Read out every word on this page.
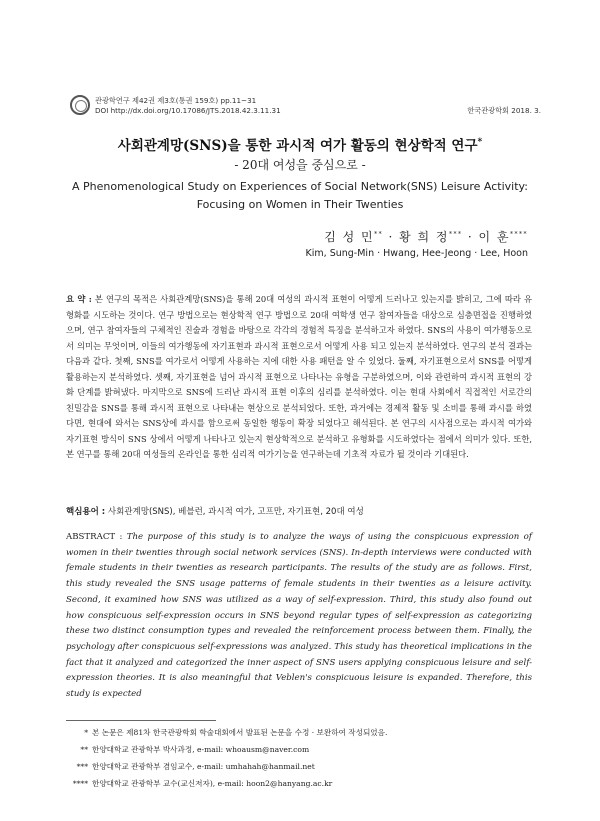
관광학연구 제42권 제3호(통권 159호) pp.11~31
DOI http://dx.doi.org/10.17086/JTS.2018.42.3.11.31	한국관광학회 2018. 3.
사회관계망(SNS)을 통한 과시적 여가 활동의 현상학적 연구*
- 20대 여성을 중심으로 -
A Phenomenological Study on Experiences of Social Network(SNS) Leisure Activity:
Focusing on Women in Their Twenties
김 성 민** · 황 희 정*** · 이 훈****
Kim, Sung-Min · Hwang, Hee-Jeong · Lee, Hoon
요 약 : 본 연구의 목적은 사회관계망(SNS)을 통해 20대 여성의 과시적 표현이 어떻게 드러나고 있는지를 밝히고, 그에 따라 유형화를 시도하는 것이다. 연구 방법으로는 현상학적 연구 방법으로 20대 여학생 연구 참여자들을 대상으로 심층면접을 진행하였으며, 연구 참여자들의 구체적인 진술과 경험을 바탕으로 각각의 경험적 특징을 분석하고자 하였다. SNS의 사용이 여가행동으로서 의미는 무엇이며, 이들의 여가행동에 자기표현과 과시적 표현으로서 어떻게 사용 되고 있는지 분석하였다. 연구의 분석 결과는 다음과 같다. 첫째, SNS를 여가로서 어떻게 사용하는 지에 대한 사용 패턴을 알 수 있었다. 둘째, 자기표현으로서 SNS를 어떻게 활용하는지 분석하였다. 셋째, 자기표현을 넘어 과시적 표현으로 나타나는 유형을 구분하였으며, 이와 관련하여 과시적 표현의 강화 단계를 밝혀냈다. 마지막으로 SNS에 드러난 과시적 표현 이후의 심리를 분석하였다. 이는 현대 사회에서 직접적인 서로간의 친밀감을 SNS를 통해 과시적 표현으로 나타내는 현상으로 분석되었다. 또한, 과거에는 경제적 활동 및 소비를 통해 과시를 하였다면, 현대에 와서는 SNS상에 과시를 함으로써 동일한 행동이 확장 되었다고 해석된다. 본 연구의 시사점으로는 과시적 여가와 자기표현 방식이 SNS 상에서 어떻게 나타나고 있는지 현상학적으로 분석하고 유형화를 시도하였다는 점에서 의미가 있다. 또한, 본 연구를 통해 20대 여성들의 온라인을 통한 심리적 여가기능을 연구하는데 기초적 자료가 될 것이라 기대된다.
핵심용어 : 사회관계망(SNS), 베블런, 과시적 여가, 고프만, 자기표현, 20대 여성
ABSTRACT : The purpose of this study is to analyze the ways of using the conspicuous expression of women in their twenties through social network services (SNS). In-depth interviews were conducted with female students in their twenties as research participants. The results of the study are as follows. First, this study revealed the SNS usage patterns of female students in their twenties as a leisure activity. Second, it examined how SNS was utilized as a way of self-expression. Third, this study also found out how conspicuous self-expression occurs in SNS beyond regular types of self-expression as categorizing these two distinct consumption types and revealed the reinforcement process between them. Finally, the psychology after conspicuous self-expressions was analyzed. This study has theoretical implications in the fact that it analyzed and categorized the inner aspect of SNS users applying conspicuous leisure and self-expression theories. It is also meaningful that Veblen's conspicuous leisure is expanded. Therefore, this study is expected
* 본 논문은 제81차 한국관광학회 학술대회에서 발표된 논문을 수정 · 보완하여 작성되었음.
** 한양대학교 관광학부 박사과정, e-mail: whoausm@naver.com
*** 한양대학교 관광학부 겸임교수, e-mail: umhahah@hanmail.net
**** 한양대학교 관광학부 교수(교신저자), e-mail: hoon2@hanyang.ac.kr
